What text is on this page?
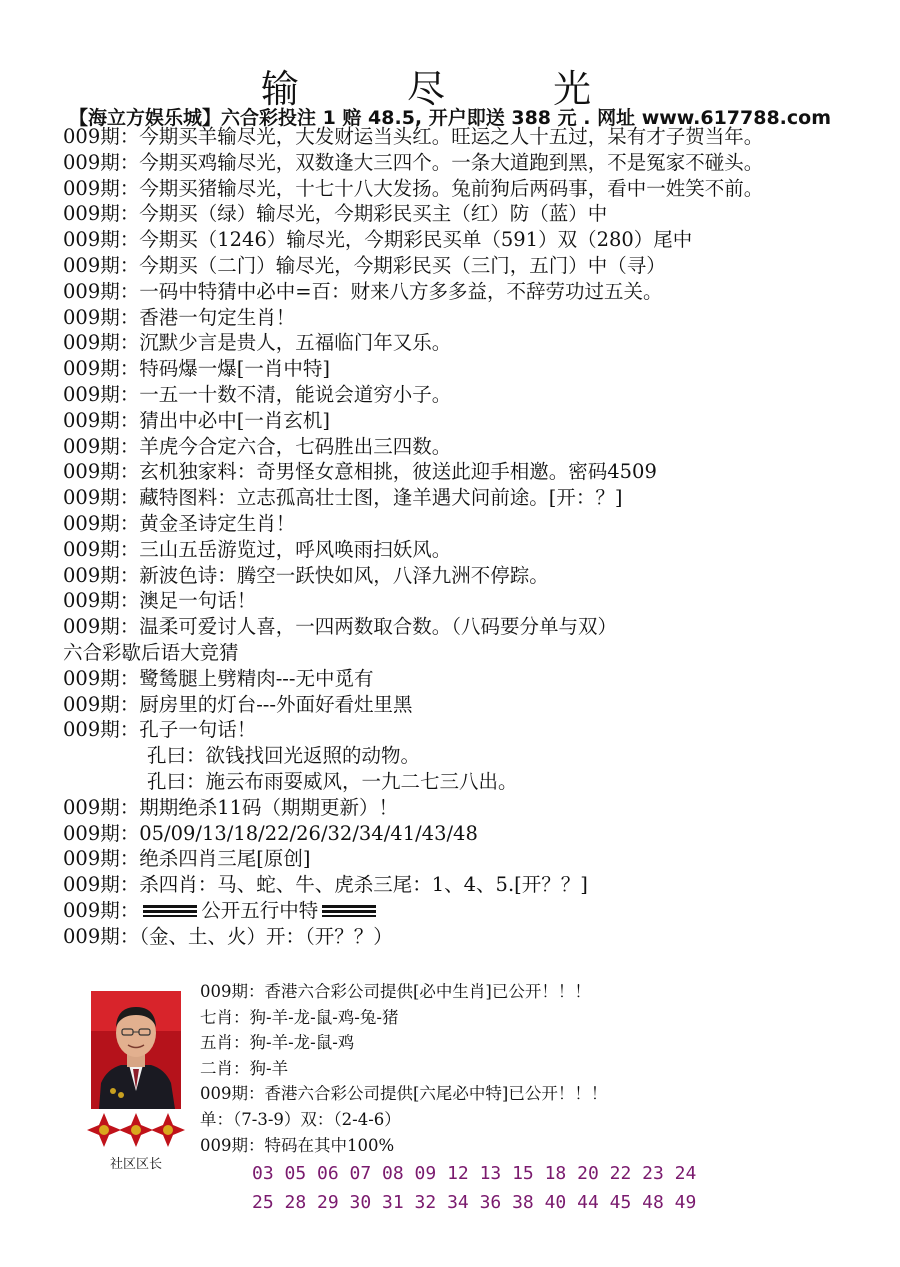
输 尽 光
【海立方娱乐城】六合彩投注 1 赔 48.5, 开户即送 388 元 . 网址 www.617788.com
009期：今期买羊输尽光，大发财运当头红。旺运之人十五过，呆有才子贺当年。
009期：今期买鸡输尽光，双数逢大三四个。一条大道跑到黑，不是冤家不碰头。
009期：今期买猪输尽光，十七十八大发扬。兔前狗后两码事，看中一姓笑不前。
009期：今期买（绿）输尽光，今期彩民买主（红）防（蓝）中
009期：今期买（1246）输尽光，今期彩民买单（591）双（280）尾中
009期：今期买（二门）输尽光，今期彩民买（三门，五门）中（寻）
009期：一码中特猜中必中=百：财来八方多多益，不辞劳功过五关。
009期：香港一句定生肖！
009期：沉默少言是贵人，五福临门年又乐。
009期：特码爆一爆[一肖中特]
009期：一五一十数不清，能说会道穷小子。
009期：猜出中必中[一肖玄机]
009期：羊虎今合定六合，七码胜出三四数。
009期：玄机独家料：奇男怪女意相挑，彼送此迎手相邀。密码4509
009期：藏特图料：立志孤高壮士图，逢羊遇犬问前途。[开：？]
009期：黄金圣诗定生肖！
009期：三山五岳游览过，呼风唤雨扫妖风。
009期：新波色诗：腾空一跃快如风，八泽九洲不停踪。
009期：澳足一句话！
009期：温柔可爱讨人喜，一四两数取合数。（八码要分单与双）
六合彩歇后语大竞猜
009期：鹭鸶腿上劈精肉---无中觅有
009期：厨房里的灯台---外面好看灶里黑
009期：孔子一句话！
孔曰：欲钱找回光返照的动物。
孔曰：施云布雨耍威风，一九二七三八出。
009期：期期绝杀11码（期期更新）！
009期：05/09/13/18/22/26/32/34/41/43/48
009期：绝杀四肖三尾[原创]
009期：杀四肖：马、蛇、牛、虎杀三尾：1、4、5.[开？？]
009期：	公开五行中特
009期：（金、土、火）开：（开？？）
社区区长
009期：香港六合彩公司提供[必中生肖]已公开！！！
七肖：狗-羊-龙-鼠-鸡-兔-猪
五肖：狗-羊-龙-鼠-鸡
二肖：狗-羊
009期：香港六合彩公司提供[六尾必中特]已公开！！！
单：（7-3-9）双：（2-4-6）
009期：特码在其中100%
03 05 06 07 08 09 12 13 15 18 20 22 23 24
25 28 29 30 31 32 34 36 38 40 44 45 48 49
